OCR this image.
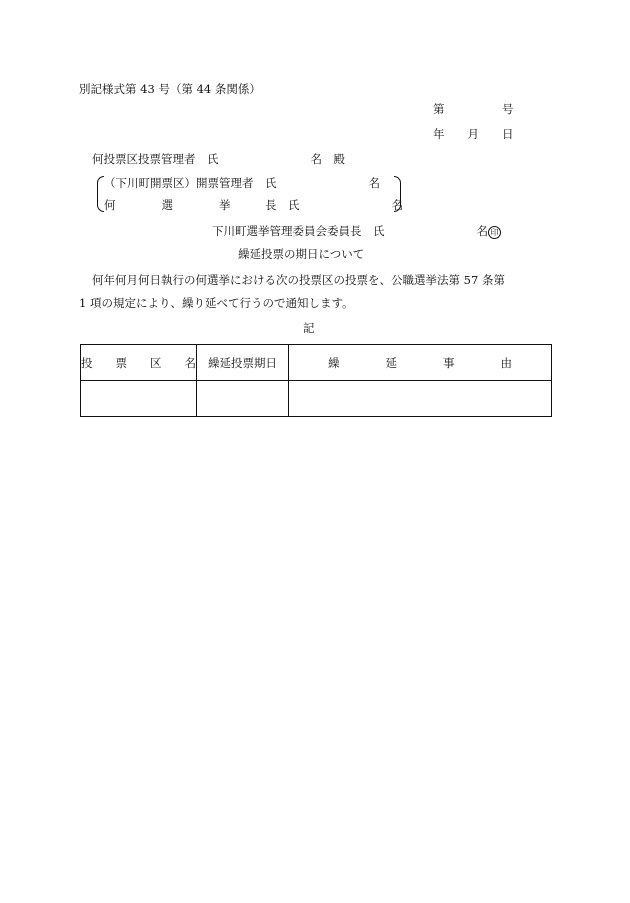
別記様式第 43 号（第 44 条関係）
第　　　　　号
年　　月　　日
何投票区投票管理者　氏　　　　　　　　名　殿
（下川町開票区）開票管理者　氏　　　　　　　　名
何　　　　選　　　　挙　　　長　氏　　　　　　　　名
下川町選挙管理委員会委員長　氏　　　　　　　　名 印
繰延投票の期日について
何年何月何日執行の何選挙における次の投票区の投票を、公職選挙法第 57 条第
1 項の規定により、繰り延べて行うので通知します。
記
投　　票　　区　　名	繰延投票期日	繰　　　　延　　　　事　　　　由
